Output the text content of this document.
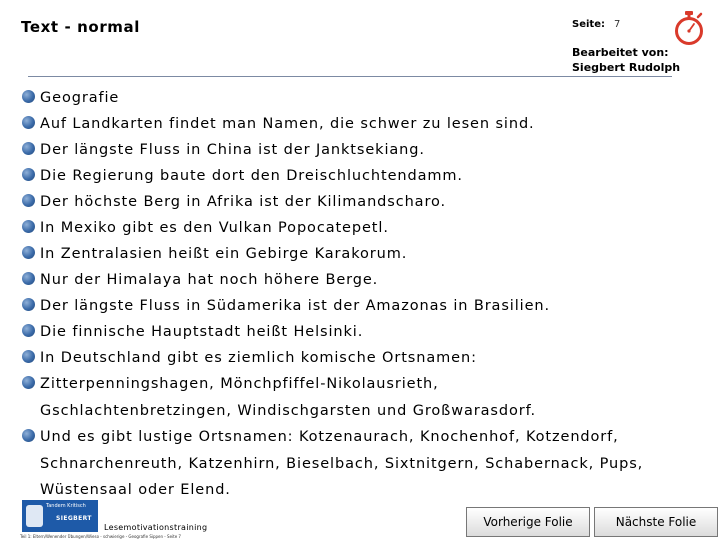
Text - normal	Seite: 7
Bearbeitet von:
Siegbert Rudolph
Geografie
Auf Landkarten findet man Namen, die schwer zu lesen sind.
Der längste Fluss in China ist der Janktsekiang.
Die Regierung baute dort den Dreischluchtendamm.
Der höchste Berg in Afrika ist der Kilimandscharo.
In Mexiko gibt es den Vulkan Popocatepetl.
In Zentralasien heißt ein Gebirge Karakorum.
Nur der Himalaya hat noch höhere Berge.
Der längste Fluss in Südamerika ist der Amazonas in Brasilien.
Die finnische Hauptstadt heißt Helsinki.
In Deutschland gibt es ziemlich komische Ortsnamen:
Zitterpenningshagen, Mönchpfiffel-Nikolausrieth,
Gschlachtenbretzingen, Windischgarsten und Großwarasdorf.
Und es gibt lustige Ortsnamen: Kotzenaurach, Knochenhof, Kotzendorf,
Schnarchenreuth, Katzenhirn, Bieselbach, Sixtnitgern, Schabernack, Pups,
Wüstensaal oder Elend.
Tandem Kritisch
SIEGBERT
Lesemotivationstraining
Teil 1: Eltern/Wenender Übungen/Wieso - schwierige - Geografie Sippen - Seite 7
Vorherige Folie	Nächste Folie
